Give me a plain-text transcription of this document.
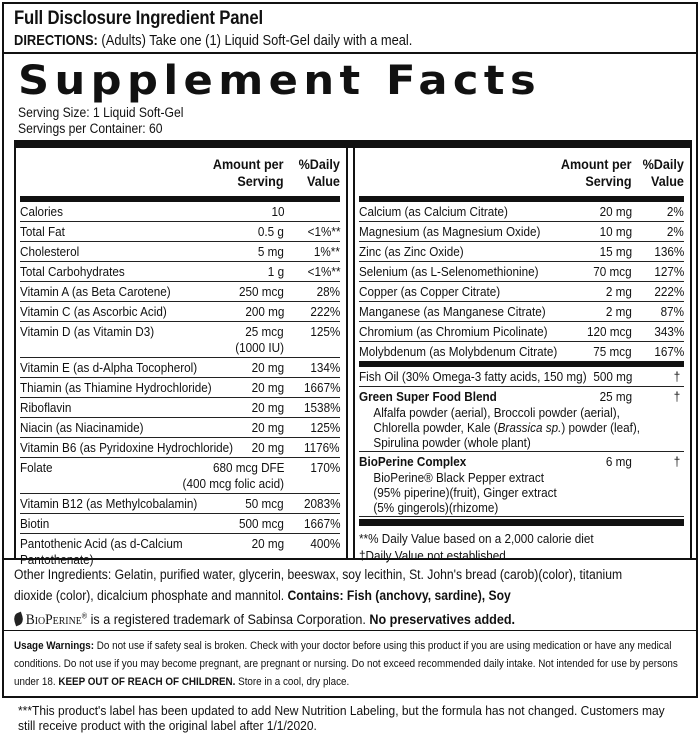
Full Disclosure Ingredient Panel
DIRECTIONS: (Adults) Take one (1) Liquid Soft-Gel daily with a meal.
Supplement Facts
Serving Size: 1 Liquid Soft-Gel
Servings per Container: 60
Amount per
Serving
%Daily
Value
Calories	10
Total Fat	0.5 g <1%**
Cholesterol	5 mg 1%**
Total Carbohydrates	1 g <1%**
Vitamin A (as Beta Carotene)	250 mcg	28%
Vitamin C (as Ascorbic Acid)	200 mg 222%
Vitamin D (as Vitamin D3)	25 mcg 125%
(1000 IU)
Vitamin E (as d-Alpha Tocopherol)	20 mg 134%
Thiamin (as Thiamine Hydrochloride)	20 mg 1667%
Riboflavin	20 mg 1538%
Niacin (as Niacinamide)	20 mg 125%
Vitamin B6 (as Pyridoxine Hydrochloride) 20 mg 1176%
Folate	680 mcg DFE 170%
(400 mcg folic acid)
Vitamin B12 (as Methylcobalamin)	50 mcg 2083%
Biotin	500 mcg 1667%
Pantothenic Acid (as d-Calcium	20 mg 400%
Pantothenate)
Amount per
Serving
%Daily
Value
Calcium (as Calcium Citrate)	20 mg	2%
Magnesium (as Magnesium Oxide)	10 mg	2%
Zinc (as Zinc Oxide)	15 mg 136%
Selenium (as L-Selenomethionine)	70 mcg 127%
Copper (as Copper Citrate)	2 mg 222%
Manganese (as Manganese Citrate)	2 mg 87%
Chromium (as Chromium Picolinate)	120 mcg 343%
Molybdenum (as Molybdenum Citrate)	75 mcg 167%
Fish Oil (30% Omega-3 fatty acids, 150 mg) 500 mg	†
Green Super Food Blend	25 mg	†
Alfalfa powder (aerial), Broccoli powder (aerial),
Chlorella powder, Kale (Brassica sp.) powder (leaf),
Spirulina powder (whole plant)
BioPerine Complex	6 mg	†
BioPerine® Black Pepper extract
(95% piperine)(fruit), Ginger extract
(5% gingerols)(rhizome)
**% Daily Value based on a 2,000 calorie diet
†Daily Value not established
Other Ingredients: Gelatin, purified water, glycerin, beeswax, soy lecithin, St. John's bread (carob)(color), titanium dioxide (color), dicalcium phosphate and mannitol. Contains: Fish (anchovy, sardine), Soy
BioPerine® is a registered trademark of Sabinsa Corporation. No preservatives added.
Usage Warnings: Do not use if safety seal is broken. Check with your doctor before using this product if you are using medication or have any medical conditions. Do not use if you may become pregnant, are pregnant or nursing. Do not exceed recommended daily intake. Not intended for use by persons under 18. KEEP OUT OF REACH OF CHILDREN. Store in a cool, dry place.
***This product's label has been updated to add New Nutrition Labeling, but the formula has not changed. Customers may still receive product with the original label after 1/1/2020.
